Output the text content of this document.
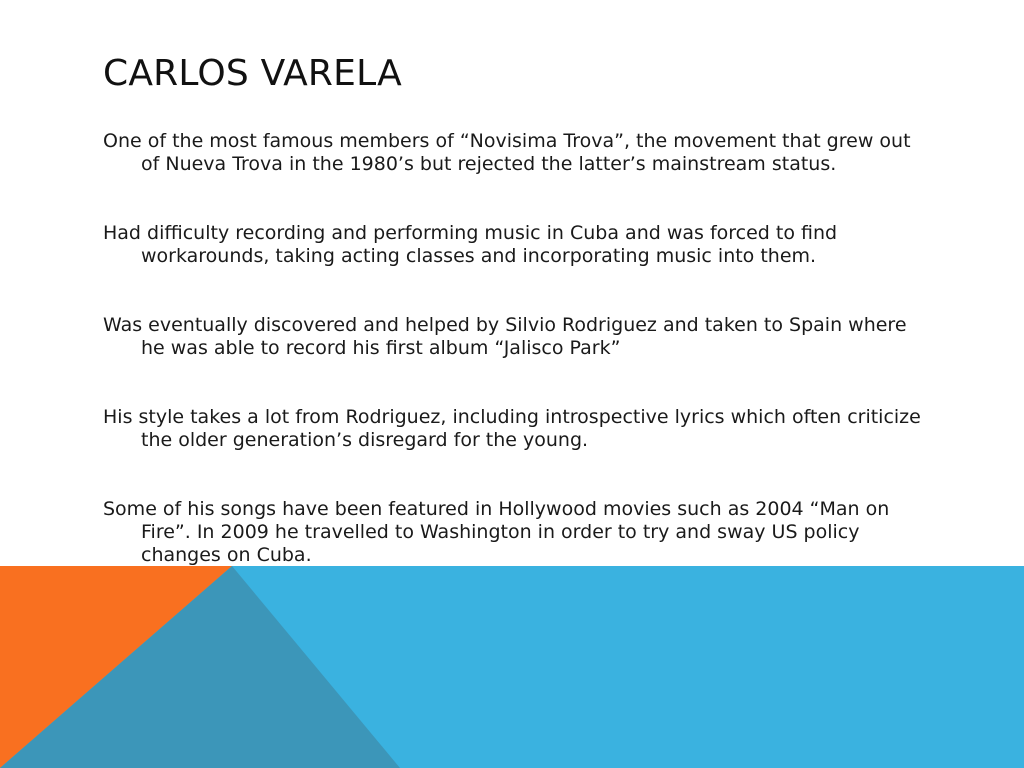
CARLOS VARELA

One of the most famous members of “Novisima Trova”, the movement that grew out of Nueva Trova in the 1980’s but rejected the latter’s mainstream status.

Had difficulty recording and performing music in Cuba and was forced to find workarounds, taking acting classes and incorporating music into them.

Was eventually discovered and helped by Silvio Rodriguez and taken to Spain where he was able to record his first album “Jalisco Park”

His style takes a lot from Rodriguez, including introspective lyrics which often criticize the older generation’s disregard for the young.

Some of his songs have been featured in Hollywood movies such as 2004 “Man on Fire”. In 2009 he travelled to Washington in order to try and sway US policy changes on Cuba.
